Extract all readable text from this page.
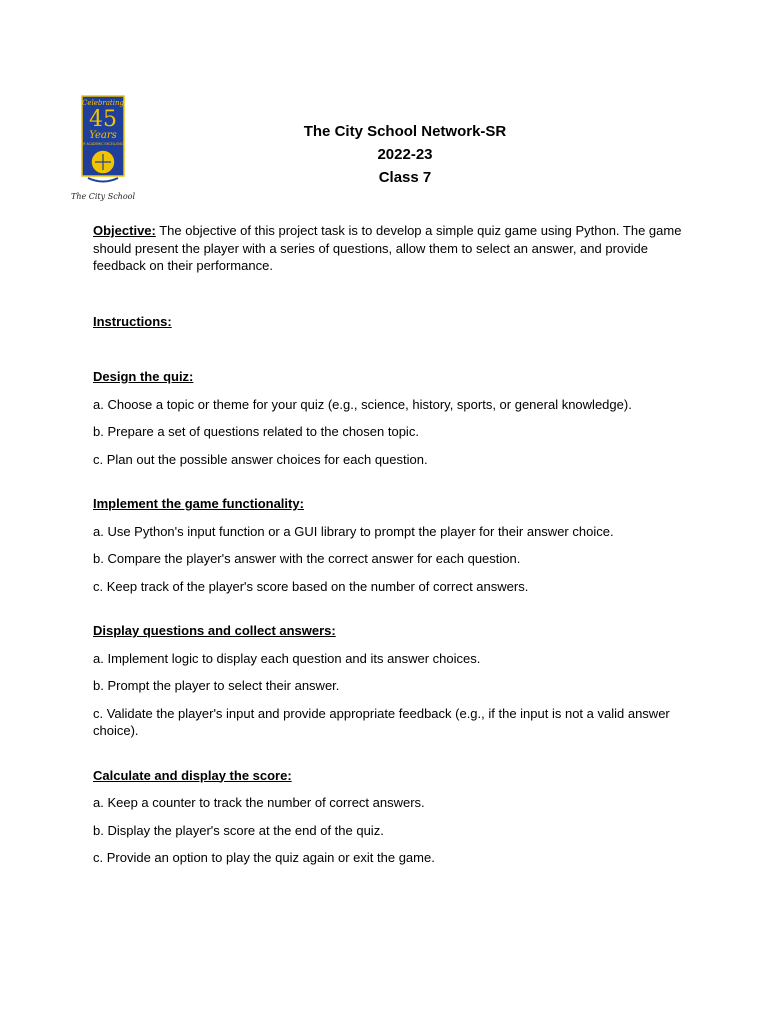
Celebrating
45
Years
OF ACADEMIC EXCELLENCE
The City School
The City School Network-SR
2022-23
Class 7

Objective: The objective of this project task is to develop a simple quiz game using Python. The game should present the player with a series of questions, allow them to select an answer, and provide feedback on their performance.

Instructions:

Design the quiz:

a. Choose a topic or theme for your quiz (e.g., science, history, sports, or general knowledge).

b. Prepare a set of questions related to the chosen topic.

c. Plan out the possible answer choices for each question.

Implement the game functionality:

a. Use Python's input function or a GUI library to prompt the player for their answer choice.

b. Compare the player's answer with the correct answer for each question.

c. Keep track of the player's score based on the number of correct answers.

Display questions and collect answers:

a. Implement logic to display each question and its answer choices.

b. Prompt the player to select their answer.

c. Validate the player's input and provide appropriate feedback (e.g., if the input is not a valid answer choice).

Calculate and display the score:

a. Keep a counter to track the number of correct answers.

b. Display the player's score at the end of the quiz.

c. Provide an option to play the quiz again or exit the game.
